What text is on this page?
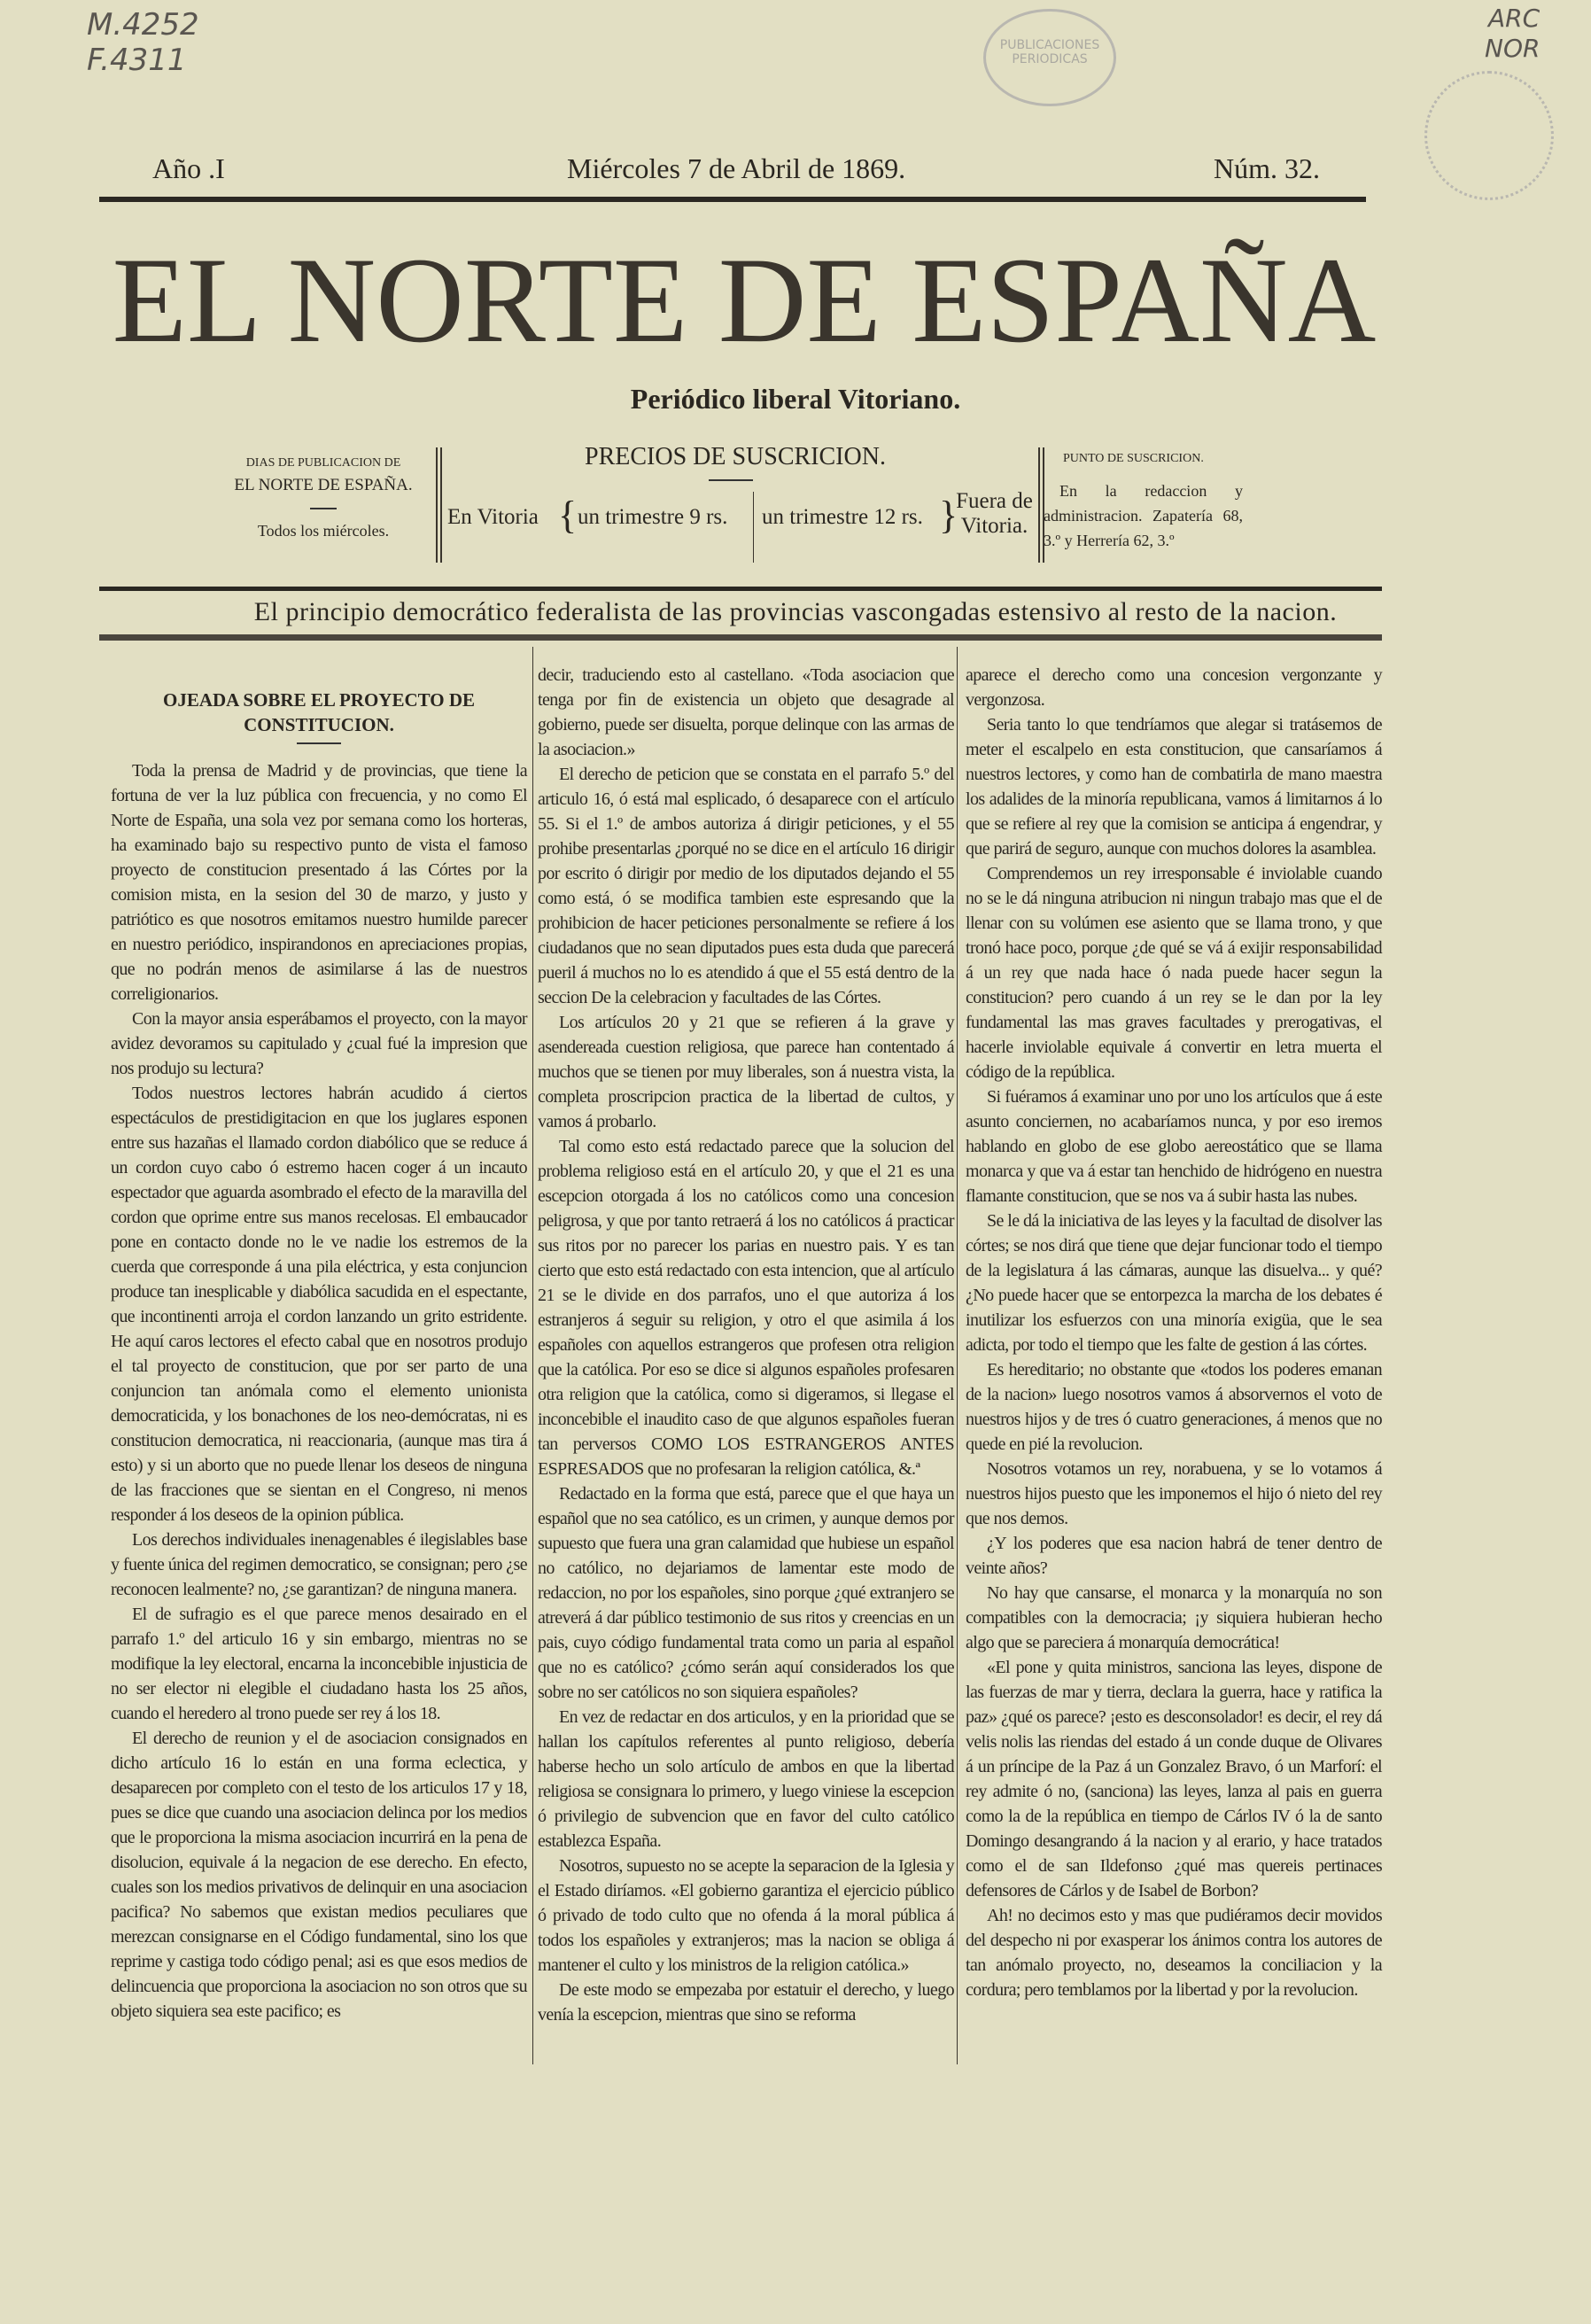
M.4252
F.4311
ARC
NOR
PUBLICACIONES PERIODICAS
Año .I	Miércoles 7 de Abril de 1869.	Núm. 32.
EL NORTE DE ESPAÑA
Periódico liberal Vitoriano.
DIAS DE PUBLICACION DE
EL NORTE DE ESPAÑA.
Todos los miércoles.
PRECIOS DE SUSCRICION.
En Vitoria { un trimestre 9 rs. un trimestre 12 rs. }
Fuera de Vitoria.
PUNTO DE SUSCRICION.
En la redaccion y administracion. Zapatería 68, 3.º y Herrería 62, 3.º
El principio democrático federalista de las provincias vascongadas estensivo al resto de la nacion.
OJEADA SOBRE EL PROYECTO DE CONSTITUCION.

Toda la prensa de Madrid y de provincias, que tiene la fortuna de ver la luz pública con frecuencia, y no como El Norte de España, una sola vez por semana como los horteras, ha examinado bajo su respectivo punto de vista el famoso proyecto de constitucion presentado á las Córtes por la comision mista, en la sesion del 30 de marzo, y justo y patriótico es que nosotros emitamos nuestro humilde parecer en nuestro periódico, inspirandonos en apreciaciones propias, que no podrán menos de asimilarse á las de nuestros correligionarios.

Con la mayor ansia esperábamos el proyecto, con la mayor avidez devoramos su capitulado y ¿cual fué la impresion que nos produjo su lectura?

Todos nuestros lectores habrán acudido á ciertos espectáculos de prestidigitacion en que los juglares esponen entre sus hazañas el llamado cordon diabólico que se reduce á un cordon cuyo cabo ó estremo hacen coger á un incauto espectador que aguarda asombrado el efecto de la maravilla del cordon que oprime entre sus manos recelosas. El embaucador pone en contacto donde no le ve nadie los estremos de la cuerda que corresponde á una pila eléctrica, y esta conjuncion produce tan inesplicable y diabólica sacudida en el espectante, que incontinenti arroja el cordon lanzando un grito estridente. He aquí caros lectores el efecto cabal que en nosotros produjo el tal proyecto de constitucion, que por ser parto de una conjuncion tan anómala como el elemento unionista democraticida, y los bonachones de los neo-demócratas, ni es constitucion democratica, ni reaccionaria, (aunque mas tira á esto) y si un aborto que no puede llenar los deseos de ninguna de las fracciones que se sientan en el Congreso, ni menos responder á los deseos de la opinion pública.

Los derechos individuales inenagenables é ilegislables base y fuente única del regimen democratico, se consignan; pero ¿se reconocen lealmente? no, ¿se garantizan? de ninguna manera.

El de sufragio es el que parece menos desairado en el parrafo 1.º del articulo 16 y sin embargo, mientras no se modifique la ley electoral, encarna la inconcebible injusticia de no ser elector ni elegible el ciudadano hasta los 25 años, cuando el heredero al trono puede ser rey á los 18.

El derecho de reunion y el de asociacion consignados en dicho artículo 16 lo están en una forma eclectica, y desaparecen por completo con el testo de los articulos 17 y 18, pues se dice que cuando una asociacion delinca por los medios que le proporciona la misma asociacion incurrirá en la pena de disolucion, equivale á la negacion de ese derecho. En efecto, cuales son los medios privativos de delinquir en una asociacion pacifica? No sabemos que existan medios peculiares que merezcan consignarse en el Código fundamental, sino los que reprime y castiga todo código penal; asi es que esos medios de delincuencia que proporciona la asociacion no son otros que su objeto siquiera sea este pacifico; es

decir, traduciendo esto al castellano. «Toda asociacion que tenga por fin de existencia un objeto que desagrade al gobierno, puede ser disuelta, porque delinque con las armas de la asociacion.»

El derecho de peticion que se constata en el parrafo 5.º del articulo 16, ó está mal esplicado, ó desaparece con el artículo 55. Si el 1.º de ambos autoriza á dirigir peticiones, y el 55 prohibe presentarlas ¿porqué no se dice en el artículo 16 dirigir por escrito ó dirigir por medio de los diputados dejando el 55 como está, ó se modifica tambien este espresando que la prohibicion de hacer peticiones personalmente se refiere á los ciudadanos que no sean diputados pues esta duda que parecerá pueril á muchos no lo es atendido á que el 55 está dentro de la seccion De la celebracion y facultades de las Córtes.

Los artículos 20 y 21 que se refieren á la grave y asendereada cuestion religiosa, que parece han contentado á muchos que se tienen por muy liberales, son á nuestra vista, la completa proscripcion practica de la libertad de cultos, y vamos á probarlo.

Tal como esto está redactado parece que la solucion del problema religioso está en el artículo 20, y que el 21 es una escepcion otorgada á los no católicos como una concesion peligrosa, y que por tanto retraerá á los no católicos á practicar sus ritos por no parecer los parias en nuestro pais. Y es tan cierto que esto está redactado con esta intencion, que al artículo 21 se le divide en dos parrafos, uno el que autoriza á los estranjeros á seguir su religion, y otro el que asimila á los españoles con aquellos estrangeros que profesen otra religion que la católica. Por eso se dice si algunos españoles profesaren otra religion que la católica, como si digeramos, si llegase el inconcebible el inaudito caso de que algunos españoles fueran tan perversos COMO LOS ESTRANGEROS ANTES ESPRESADOS que no profesaran la religion católica, &.ª

Redactado en la forma que está, parece que el que haya un español que no sea católico, es un crimen, y aunque demos por supuesto que fuera una gran calamidad que hubiese un español no católico, no dejariamos de lamentar este modo de redaccion, no por los españoles, sino porque ¿qué extranjero se atreverá á dar público testimonio de sus ritos y creencias en un pais, cuyo código fundamental trata como un paria al español que no es católico? ¿cómo serán aquí considerados los que sobre no ser católicos no son siquiera españoles?

En vez de redactar en dos articulos, y en la prioridad que se hallan los capítulos referentes al punto religioso, debería haberse hecho un solo artículo de ambos en que la libertad religiosa se consignara lo primero, y luego viniese la escepcion ó privilegio de subvencion que en favor del culto católico establezca España.

Nosotros, supuesto no se acepte la separacion de la Iglesia y el Estado diríamos. «El gobierno garantiza el ejercicio público ó privado de todo culto que no ofenda á la moral pública á todos los españoles y extranjeros; mas la nacion se obliga á mantener el culto y los ministros de la religion católica.»

De este modo se empezaba por estatuir el derecho, y luego venía la escepcion, mientras que sino se reforma

aparece el derecho como una concesion vergonzante y vergonzosa.

Seria tanto lo que tendríamos que alegar si tratásemos de meter el escalpelo en esta constitucion, que cansaríamos á nuestros lectores, y como han de combatirla de mano maestra los adalides de la minoría republicana, vamos á limitarnos á lo que se refiere al rey que la comision se anticipa á engendrar, y que parirá de seguro, aunque con muchos dolores la asamblea.

Comprendemos un rey irresponsable é inviolable cuando no se le dá ninguna atribucion ni ningun trabajo mas que el de llenar con su volúmen ese asiento que se llama trono, y que tronó hace poco, porque ¿de qué se vá á exijir responsabilidad á un rey que nada hace ó nada puede hacer segun la constitucion? pero cuando á un rey se le dan por la ley fundamental las mas graves facultades y prerogativas, el hacerle inviolable equivale á convertir en letra muerta el código de la república.

Si fuéramos á examinar uno por uno los artículos que á este asunto conciernen, no acabaríamos nunca, y por eso iremos hablando en globo de ese globo aereostático que se llama monarca y que va á estar tan henchido de hidrógeno en nuestra flamante constitucion, que se nos va á subir hasta las nubes.

Se le dá la iniciativa de las leyes y la facultad de disolver las córtes; se nos dirá que tiene que dejar funcionar todo el tiempo de la legislatura á las cámaras, aunque las disuelva... y qué? ¿No puede hacer que se entorpezca la marcha de los debates é inutilizar los esfuerzos con una minoría exigüa, que le sea adicta, por todo el tiempo que les falte de gestion á las córtes.

Es hereditario; no obstante que «todos los poderes emanan de la nacion» luego nosotros vamos á absorvernos el voto de nuestros hijos y de tres ó cuatro generaciones, á menos que no quede en pié la revolucion.

Nosotros votamos un rey, norabuena, y se lo votamos á nuestros hijos puesto que les imponemos el hijo ó nieto del rey que nos demos.

¿Y los poderes que esa nacion habrá de tener dentro de veinte años?

No hay que cansarse, el monarca y la monarquía no son compatibles con la democracia; ¡y siquiera hubieran hecho algo que se pareciera á monarquía democrática!

«El pone y quita ministros, sanciona las leyes, dispone de las fuerzas de mar y tierra, declara la guerra, hace y ratifica la paz» ¿qué os parece? ¡esto es desconsolador! es decir, el rey dá velis nolis las riendas del estado á un conde duque de Olivares á un príncipe de la Paz á un Gonzalez Bravo, ó un Marforí: el rey admite ó no, (sanciona) las leyes, lanza al pais en guerra como la de la república en tiempo de Cárlos IV ó la de santo Domingo desangrando á la nacion y al erario, y hace tratados como el de san Ildefonso ¿qué mas quereis pertinaces defensores de Cárlos y de Isabel de Borbon?

Ah! no decimos esto y mas que pudiéramos decir movidos del despecho ni por exasperar los ánimos contra los autores de tan anómalo proyecto, no, deseamos la conciliacion y la cordura; pero temblamos por la libertad y por la revolucion.
